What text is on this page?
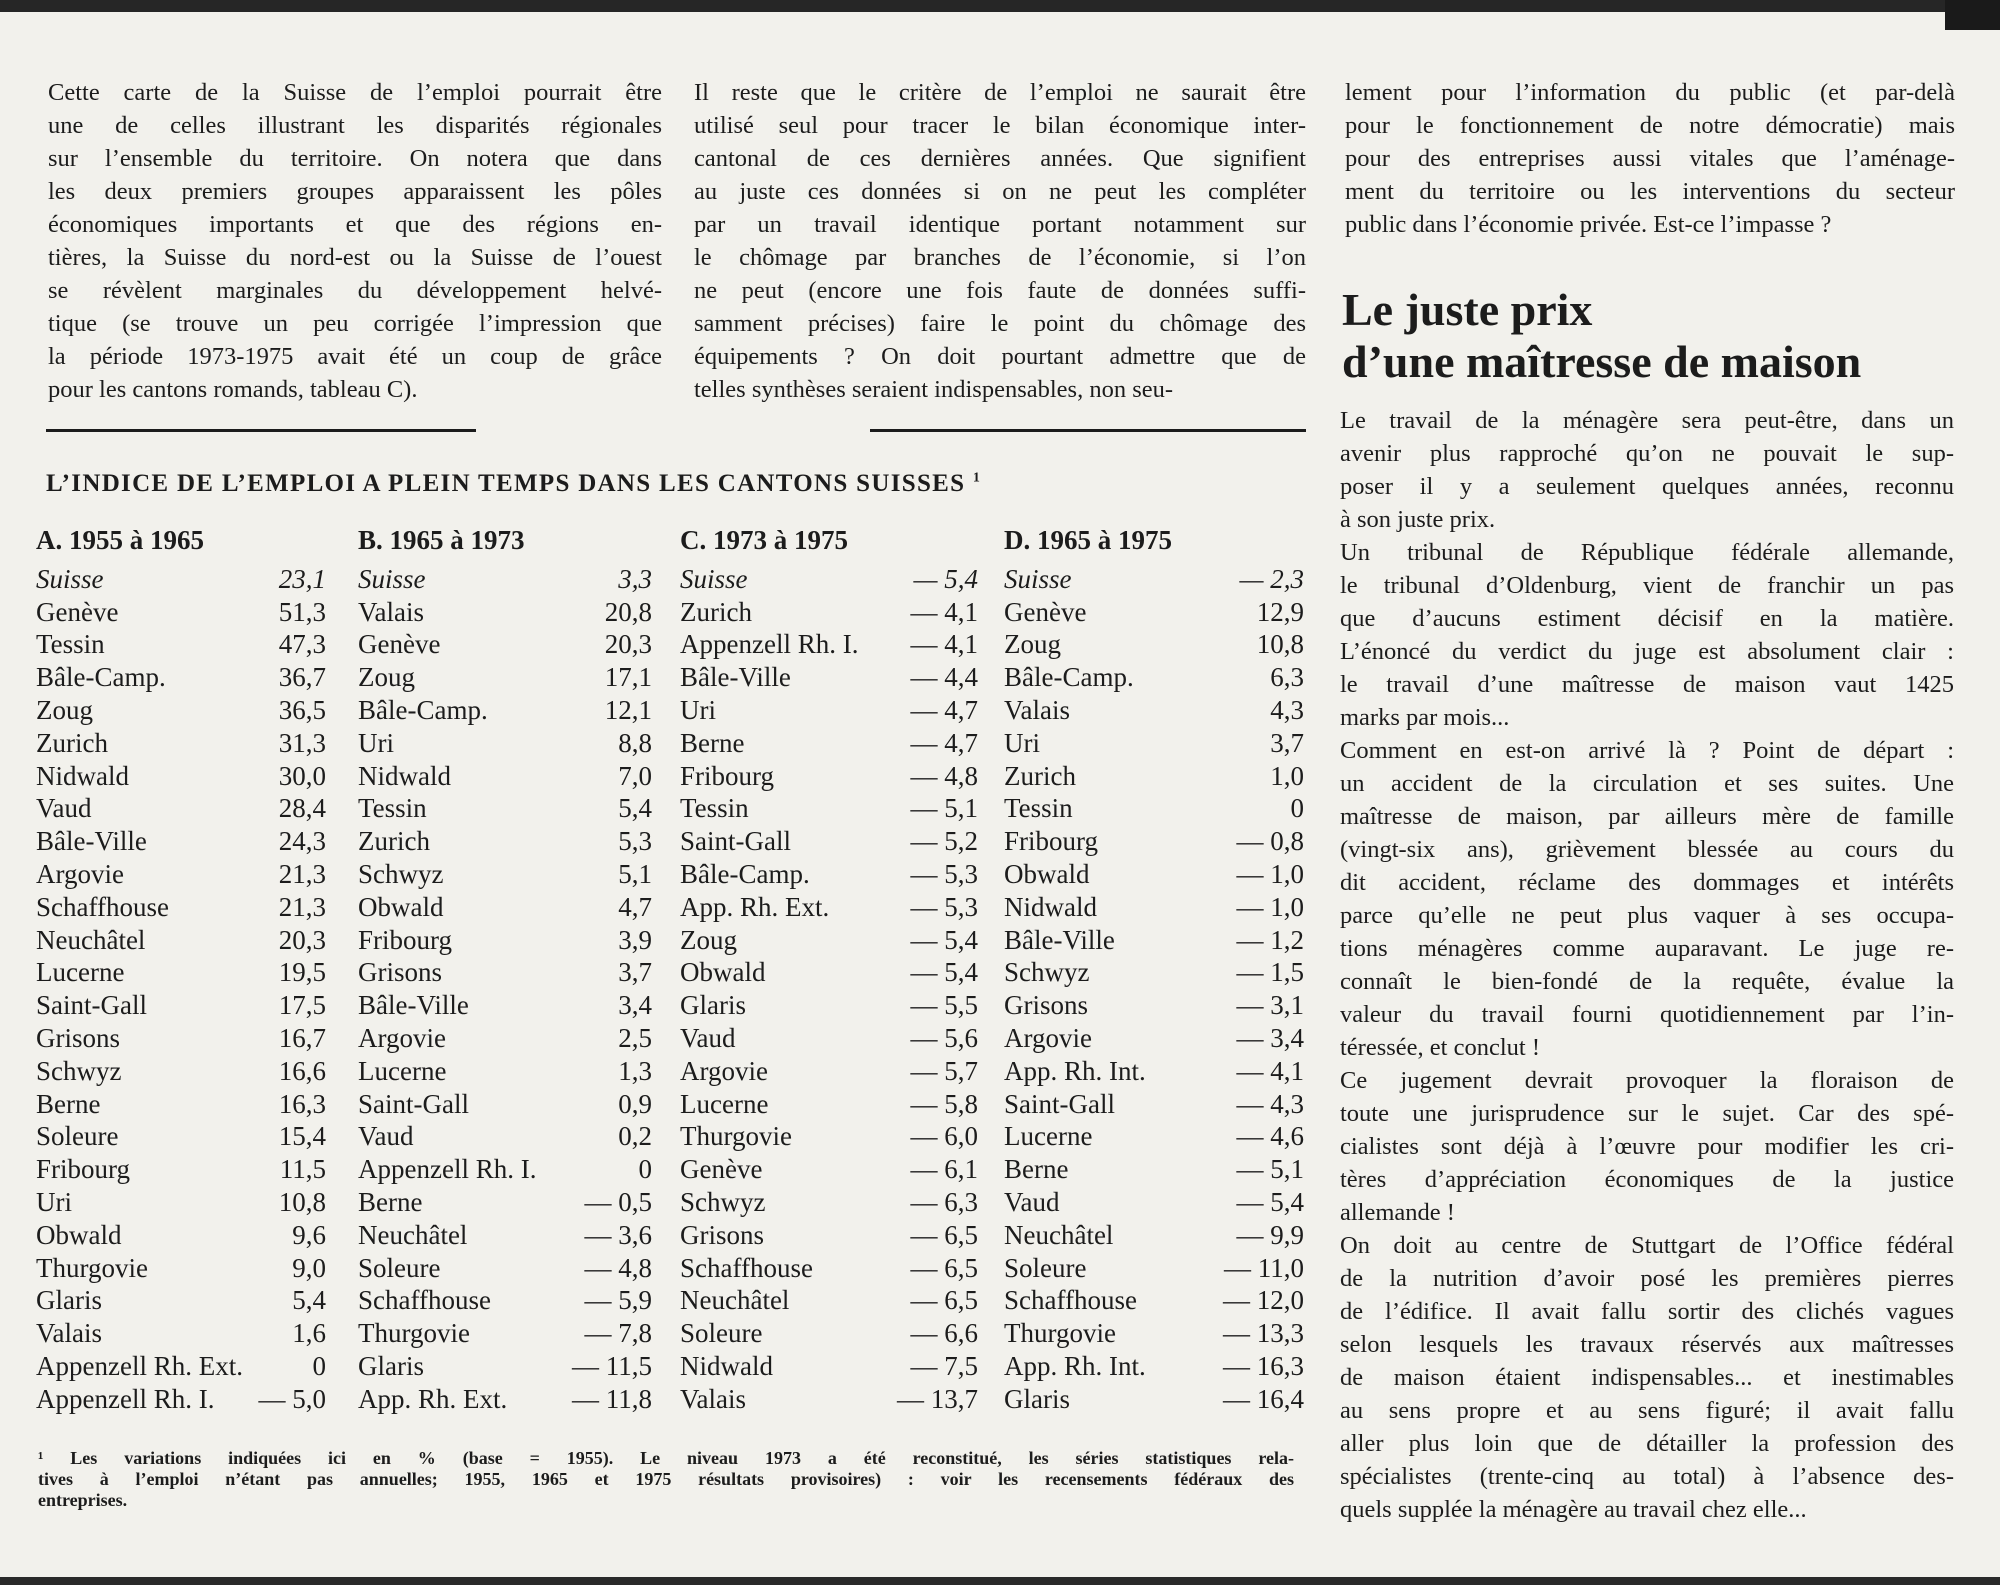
Cette carte de la Suisse de l’emploi pourrait être
une de celles illustrant les disparités régionales
sur l’ensemble du territoire. On notera que dans
les deux premiers groupes apparaissent les pôles
économiques importants et que des régions en-
tières, la Suisse du nord-est ou la Suisse de l’ouest
se révèlent marginales du développement helvé-
tique (se trouve un peu corrigée l’impression que
la période 1973-1975 avait été un coup de grâce
pour les cantons romands, tableau C).
Il reste que le critère de l’emploi ne saurait être
utilisé seul pour tracer le bilan économique inter-
cantonal de ces dernières années. Que signifient
au juste ces données si on ne peut les compléter
par un travail identique portant notamment sur
le chômage par branches de l’économie, si l’on
ne peut (encore une fois faute de données suffi-
samment précises) faire le point du chômage des
équipements ? On doit pourtant admettre que de
telles synthèses seraient indispensables, non seu-
lement pour l’information du public (et par-delà
pour le fonctionnement de notre démocratie) mais
pour des entreprises aussi vitales que l’aménage-
ment du territoire ou les interventions du secteur
public dans l’économie privée. Est-ce l’impasse ?
L’INDICE DE L’EMPLOI A PLEIN TEMPS DANS LES CANTONS SUISSES $^1$
A. 1955 à 1965
Suisse	23,1
Genève	51,3
Tessin	47,3
Bâle-Camp.	36,7
Zoug	36,5
Zurich	31,3
Nidwald	30,0
Vaud	28,4
Bâle-Ville	24,3
Argovie	21,3
Schaffhouse	21,3
Neuchâtel	20,3
Lucerne	19,5
Saint-Gall	17,5
Grisons	16,7
Schwyz	16,6
Berne	16,3
Soleure	15,4
Fribourg	11,5
Uri	10,8
Obwald	9,6
Thurgovie	9,0
Glaris	5,4
Valais	1,6
Appenzell Rh. Ext.	0
Appenzell Rh. I. — 5,0
B. 1965 à 1973
Suisse	3,3
Valais	20,8
Genève	20,3
Zoug	17,1
Bâle-Camp.	12,1
Uri	8,8
Nidwald	7,0
Tessin	5,4
Zurich	5,3
Schwyz	5,1
Obwald	4,7
Fribourg	3,9
Grisons	3,7
Bâle-Ville	3,4
Argovie	2,5
Lucerne	1,3
Saint-Gall	0,9
Vaud	0,2
Appenzell Rh. I.	0
Berne	— 0,5
Neuchâtel	— 3,6
Soleure	— 4,8
Schaffhouse	— 5,9
Thurgovie	— 7,8
Glaris	— 11,5
App. Rh. Ext. — 11,8
C. 1973 à 1975
Suisse	— 5,4
Zurich	— 4,1
Appenzell Rh. I. — 4,1
Bâle-Ville	— 4,4
Uri	— 4,7
Berne	— 4,7
Fribourg	— 4,8
Tessin	— 5,1
Saint-Gall	— 5,2
Bâle-Camp.	— 5,3
App. Rh. Ext.	— 5,3
Zoug	— 5,4
Obwald	— 5,4
Glaris	— 5,5
Vaud	— 5,6
Argovie	— 5,7
Lucerne	— 5,8
Thurgovie	— 6,0
Genève	— 6,1
Schwyz	— 6,3
Grisons	— 6,5
Schaffhouse	— 6,5
Neuchâtel	— 6,5
Soleure	— 6,6
Nidwald	— 7,5
Valais	— 13,7
D. 1965 à 1975
Suisse	— 2,3
Genève	12,9
Zoug	10,8
Bâle-Camp.	6,3
Valais	4,3
Uri	3,7
Zurich	1,0
Tessin	0
Fribourg	— 0,8
Obwald	— 1,0
Nidwald	— 1,0
Bâle-Ville	— 1,2
Schwyz	— 1,5
Grisons	— 3,1
Argovie	— 3,4
App. Rh. Int.	— 4,1
Saint-Gall	— 4,3
Lucerne	— 4,6
Berne	— 5,1
Vaud	— 5,4
Neuchâtel	— 9,9
Soleure	— 11,0
Schaffhouse	— 12,0
Thurgovie	— 13,3
App. Rh. Int.	— 16,3
Glaris	— 16,4
¹ Les variations indiquées ici en % (base = 1955). Le niveau 1973 a été reconstitué, les séries statistiques rela-
tives à l’emploi n’étant pas annuelles; 1955, 1965 et 1975 résultats provisoires) : voir les recensements fédéraux des
entreprises.
Le juste prix
d’une maîtresse de maison

Le travail de la ménagère sera peut-être, dans un
avenir plus rapproché qu’on ne pouvait le sup-
poser il y a seulement quelques années, reconnu
à son juste prix.

Un tribunal de République fédérale allemande,
le tribunal d’Oldenburg, vient de franchir un pas
que d’aucuns estiment décisif en la matière.
L’énoncé du verdict du juge est absolument clair :
le travail d’une maîtresse de maison vaut 1425
marks par mois...

Comment en est-on arrivé là ? Point de départ :
un accident de la circulation et ses suites. Une
maîtresse de maison, par ailleurs mère de famille
(vingt-six ans), grièvement blessée au cours du
dit accident, réclame des dommages et intérêts
parce qu’elle ne peut plus vaquer à ses occupa-
tions ménagères comme auparavant. Le juge re-
connaît le bien-fondé de la requête, évalue la
valeur du travail fourni quotidiennement par l’in-
téressée, et conclut !

Ce jugement devrait provoquer la floraison de
toute une jurisprudence sur le sujet. Car des spé-
cialistes sont déjà à l’œuvre pour modifier les cri-
tères d’appréciation économiques de la justice
allemande !

On doit au centre de Stuttgart de l’Office fédéral
de la nutrition d’avoir posé les premières pierres
de l’édifice. Il avait fallu sortir des clichés vagues
selon lesquels les travaux réservés aux maîtresses
de maison étaient indispensables... et inestimables
au sens propre et au sens figuré; il avait fallu
aller plus loin que de détailler la profession des
spécialistes (trente-cinq au total) à l’absence des-
quels supplée la ménagère au travail chez elle...
